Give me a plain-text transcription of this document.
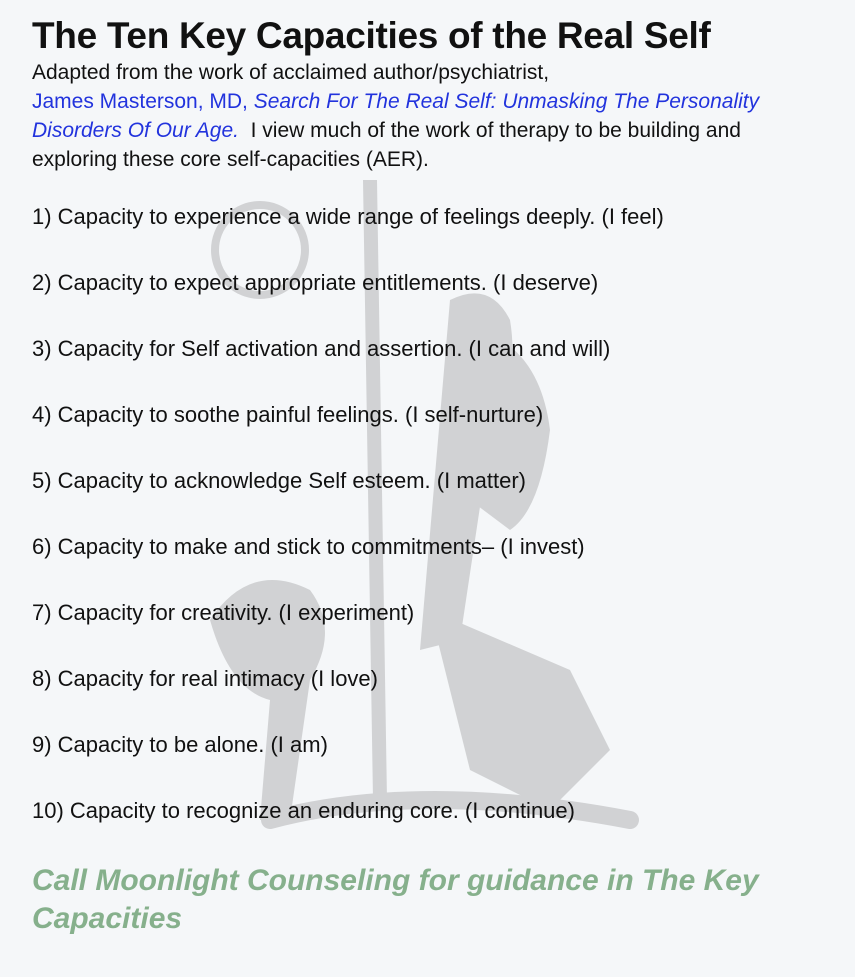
The Ten Key Capacities of the Real Self

Adapted from the work of acclaimed author/psychiatrist,
James Masterson, MD, Search For The Real Self: Unmasking The Personality Disorders Of Our Age. I view much of the work of therapy to be building and exploring these core self-capacities (AER).

1) Capacity to experience a wide range of feelings deeply. (I feel)

2) Capacity to expect appropriate entitlements. (I deserve)

3) Capacity for Self activation and assertion. (I can and will)

4) Capacity to soothe painful feelings. (I self-nurture)

5) Capacity to acknowledge Self esteem. (I matter)

6) Capacity to make and stick to commitments– (I invest)

7) Capacity for creativity. (I experiment)

8) Capacity for real intimacy (I love)

9) Capacity to be alone. (I am)

10) Capacity to recognize an enduring core. (I continue)

Call Moonlight Counseling for guidance in The Key Capacities
